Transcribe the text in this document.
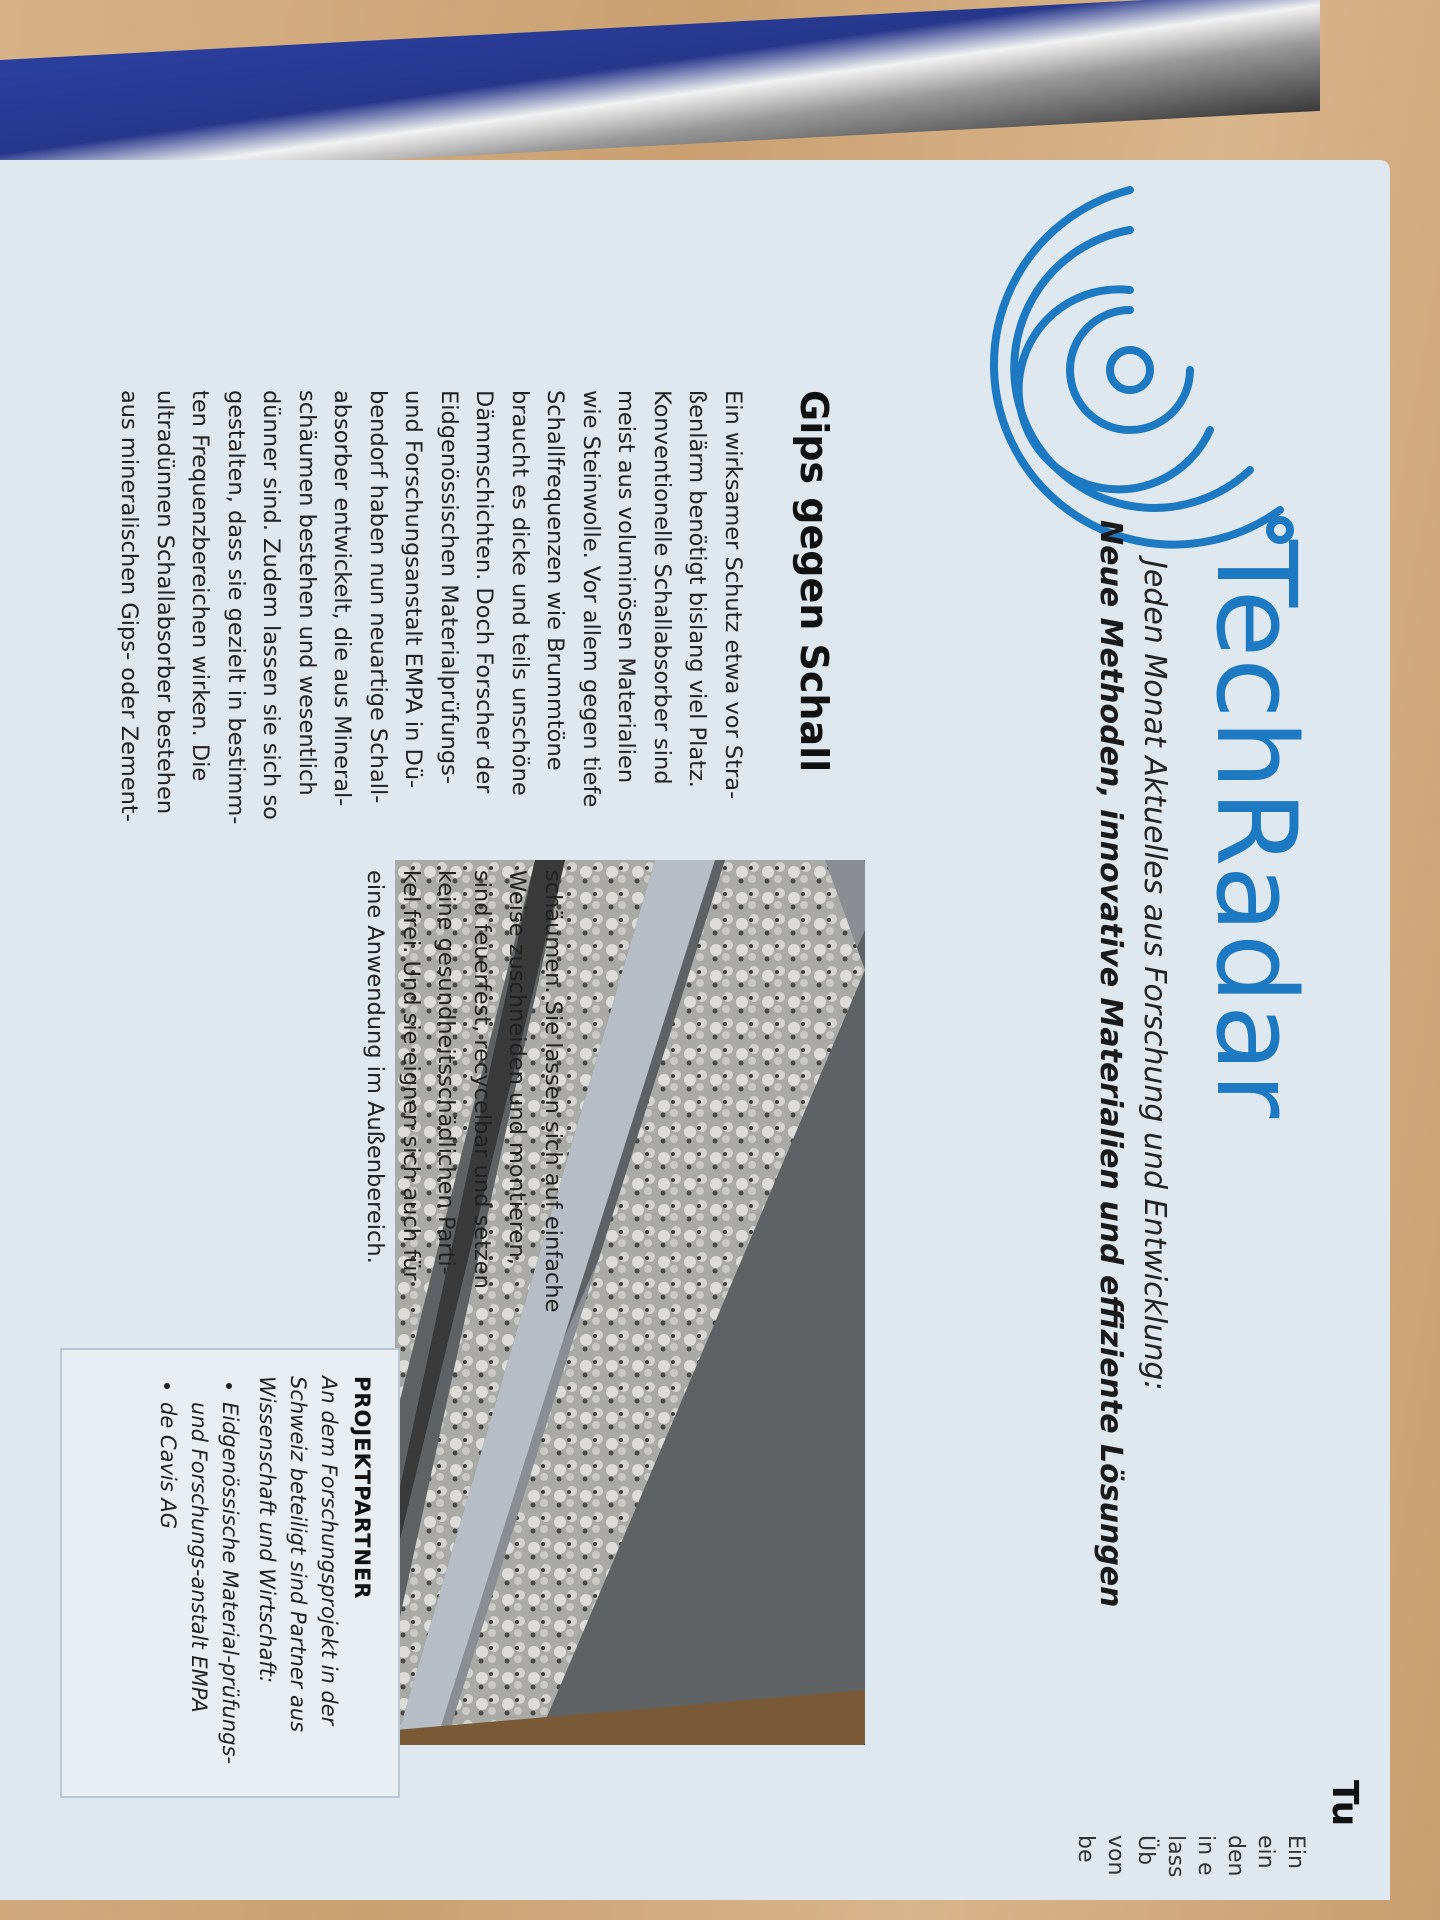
Tu
Ein
ein
den
in e
lass
Üb
von
be
TechRadar

Jeden Monat Aktuelles aus Forschung und Entwicklung:

Neue Methoden, innovative Materialien und effiziente Lösungen

Gips gegen Schall

Ein wirksamer Schutz etwa vor Stra-

ßenlärm benötigt bislang viel Platz.

Konventionelle Schallabsorber sind

meist aus voluminösen Materialien

wie Steinwolle. Vor allem gegen tiefe

Schallfrequenzen wie Brummtöne

braucht es dicke und teils unschöne

Dämmschichten. Doch Forscher der

Eidgenössischen Materialprüfungs-

und Forschungsanstalt EMPA in Dü-

bendorf haben nun neuartige Schall-

absorber entwickelt, die aus Mineral-

schäumen bestehen und wesentlich

dünner sind. Zudem lassen sie sich so

gestalten, dass sie gezielt in bestimm-

ten Frequenzbereichen wirken. Die

ultradünnen Schallabsorber bestehen

aus mineralischen Gips- oder Zement-

schäumen. Sie lassen sich auf einfache

Weise zuschneiden und montieren,

sind feuerfest, recycelbar und setzen

keine gesundheitsschädlichen Parti-

kel frei. Und sie eignen sich auch für

eine Anwendung im Außenbereich.

PROJEKTPARTNER

An dem Forschungsprojekt in der Schweiz beteiligt sind Partner aus Wissenschaft und Wirtschaft:

• Eidgenössische Material-prüfungs- und Forschungs-anstalt EMPA
• de Cavis AG
